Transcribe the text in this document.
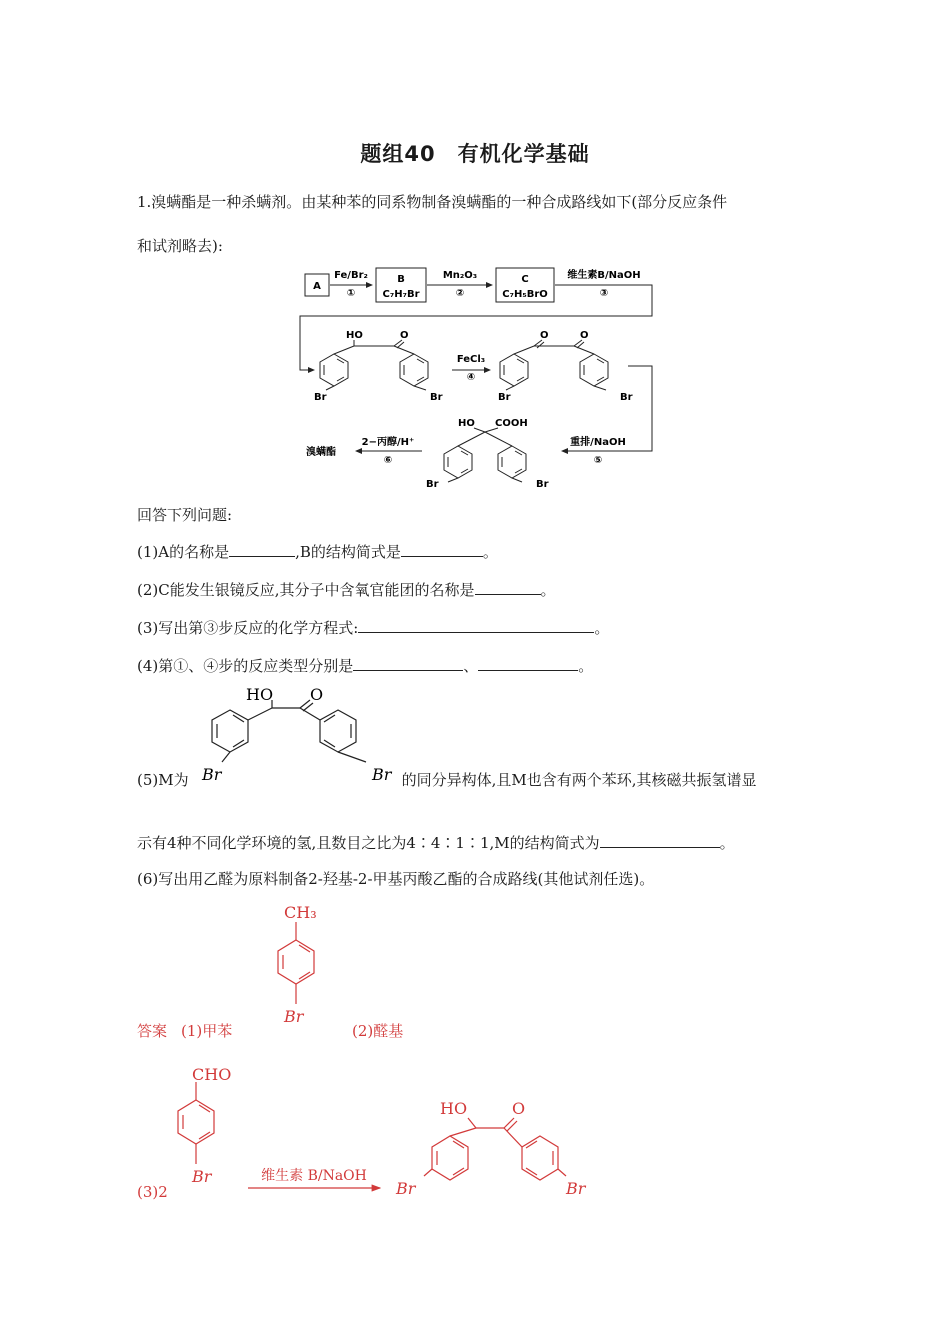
题组40　有机化学基础
1.溴螨酯是一种杀螨剂。由某种苯的同系物制备溴螨酯的一种合成路线如下(部分反应条件
和试剂略去):
A
Fe/Br₂
①
B
C₇H₇Br
Mn₂O₃
②
C
C₇H₅BrO
维生素B/NaOH
③
HO	O
Br	Br
FeCl₃
④
O	O
Br	Br
重排/NaOH
⑤
HO COOH
Br	Br
2−丙醇/H⁺
⑥
溴螨酯
回答下列问题:
(1)A的名称是	,B的结构简式是	。
(2)C能发生银镜反应,其分子中含氧官能团的名称是	。
(3)写出第③步反应的化学方程式:	。
(4)第①、④步的反应类型分别是	、	。
HO O
Br	Br
(5)M为	的同分异构体,且M也含有两个苯环,其核磁共振氢谱显
示有4种不同化学环境的氢,且数目之比为4∶4∶1∶1,M的结构简式为	。
(6)写出用乙醛为原料制备2-羟基-2-甲基丙酸乙酯的合成路线(其他试剂任选)。
答案 (1)甲苯
CH₃
Br
(2)醛基
(3)2
CHO
Br	维生素 B/NaOH
HO	O
Br	Br
